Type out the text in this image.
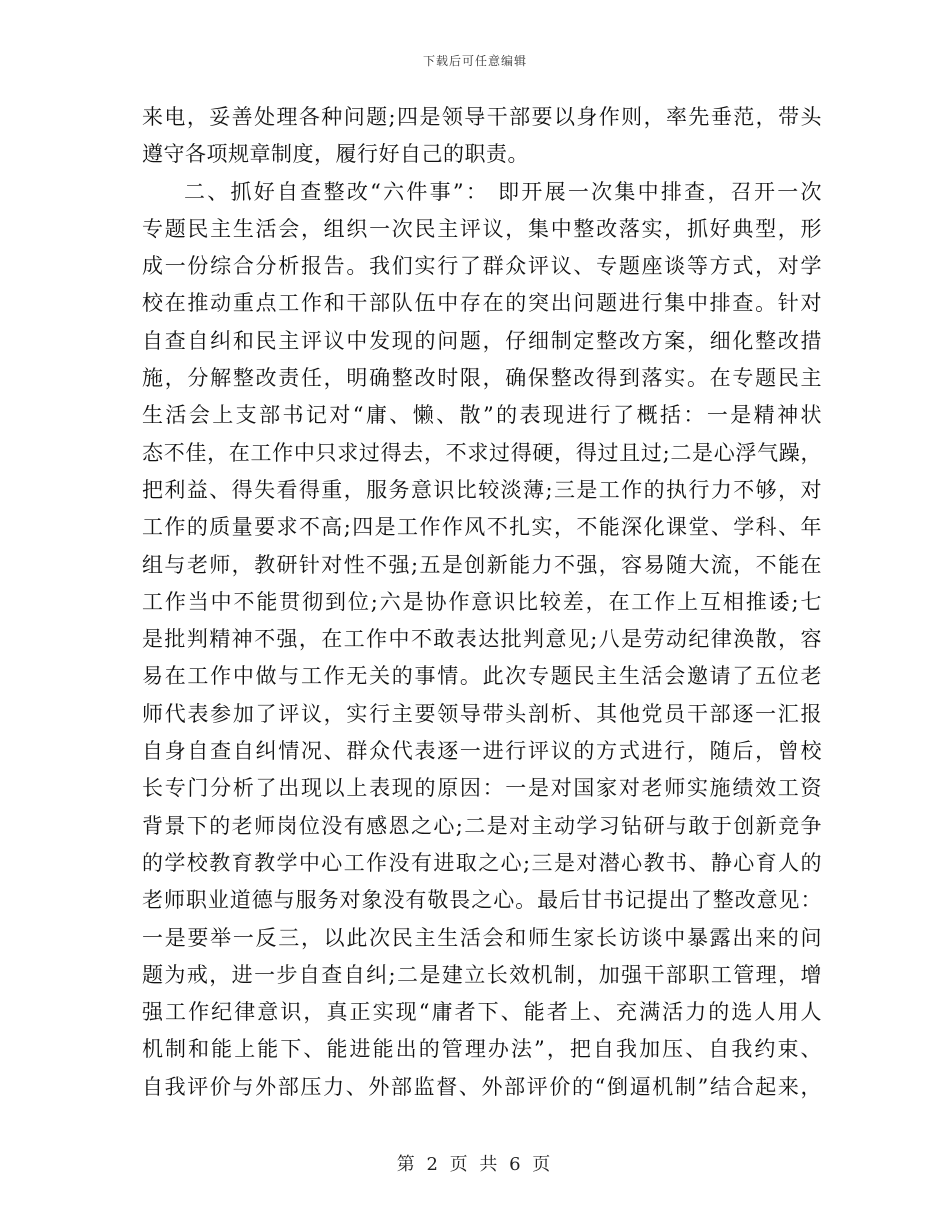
下载后可任意编辑
来电，妥善处理各种问题;四是领导干部要以身作则，率先垂范，带头
遵守各项规章制度，履行好自己的职责。
二、抓好自查整改“六件事”： 即开展一次集中排查，召开一次
专题民主生活会，组织一次民主评议，集中整改落实，抓好典型，形
成一份综合分析报告。我们实行了群众评议、专题座谈等方式，对学
校在推动重点工作和干部队伍中存在的突出问题进行集中排查。针对
自查自纠和民主评议中发现的问题，仔细制定整改方案，细化整改措
施，分解整改责任，明确整改时限，确保整改得到落实。在专题民主
生活会上支部书记对“庸、懒、散”的表现进行了概括：一是精神状
态不佳，在工作中只求过得去，不求过得硬，得过且过;二是心浮气躁，
把利益、得失看得重，服务意识比较淡薄;三是工作的执行力不够，对
工作的质量要求不高;四是工作作风不扎实，不能深化课堂、学科、年
组与老师，教研针对性不强;五是创新能力不强，容易随大流，不能在
工作当中不能贯彻到位;六是协作意识比较差，在工作上互相推诿;七
是批判精神不强，在工作中不敢表达批判意见;八是劳动纪律涣散，容
易在工作中做与工作无关的事情。此次专题民主生活会邀请了五位老
师代表参加了评议，实行主要领导带头剖析、其他党员干部逐一汇报
自身自查自纠情况、群众代表逐一进行评议的方式进行，随后，曾校
长专门分析了出现以上表现的原因：一是对国家对老师实施绩效工资
背景下的老师岗位没有感恩之心;二是对主动学习钻研与敢于创新竞争
的学校教育教学中心工作没有进取之心;三是对潜心教书、静心育人的
老师职业道德与服务对象没有敬畏之心。最后甘书记提出了整改意见：
一是要举一反三，以此次民主生活会和师生家长访谈中暴露出来的问
题为戒，进一步自查自纠;二是建立长效机制，加强干部职工管理，增
强工作纪律意识，真正实现“庸者下、能者上、充满活力的选人用人
机制和能上能下、能进能出的管理办法”，把自我加压、自我约束、
自我评价与外部压力、外部监督、外部评价的“倒逼机制”结合起来，
第 2 页 共 6 页
